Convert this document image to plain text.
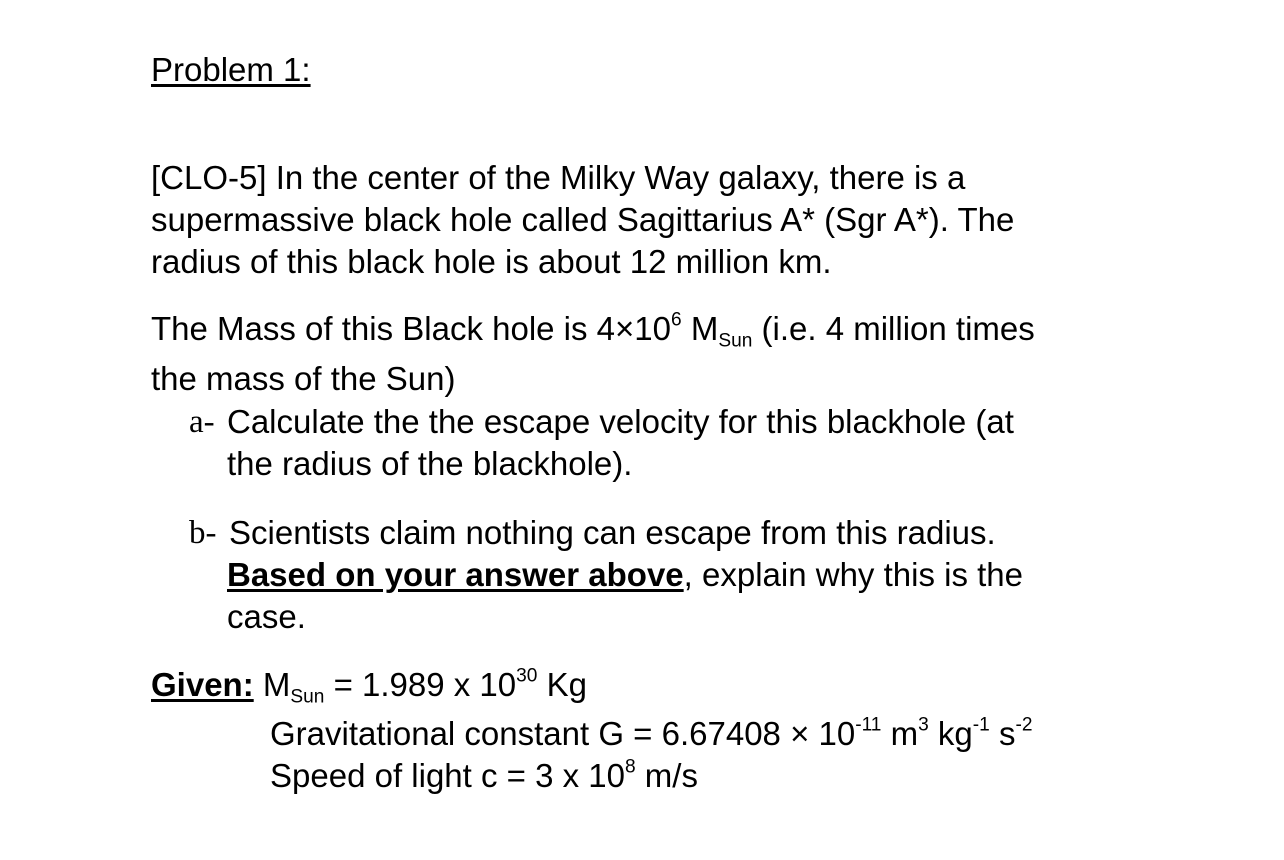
Problem 1:
[CLO-5] In the center of the Milky Way galaxy, there is a
supermassive black hole called Sagittarius A* (Sgr A*). The
radius of this black hole is about 12 million km.
The Mass of this Black hole is $4\times 10^6$ $M_{Sun}$ (i.e. 4 million times
the mass of the Sun)
a- Calculate the the escape velocity for this blackhole (at
the radius of the blackhole).
b- Scientists claim nothing can escape from this radius.
Based on your answer above, explain why this is the
case.
Given: $M_{Sun} = 1.989$ x $10^{30}$ Kg
Gravitational constant $G = 6.67408 \times 10^{-11}$ $m^3$ $kg^{-1}$ $s^{-2}$
Speed of light c = 3 x $10^8$ m/s
